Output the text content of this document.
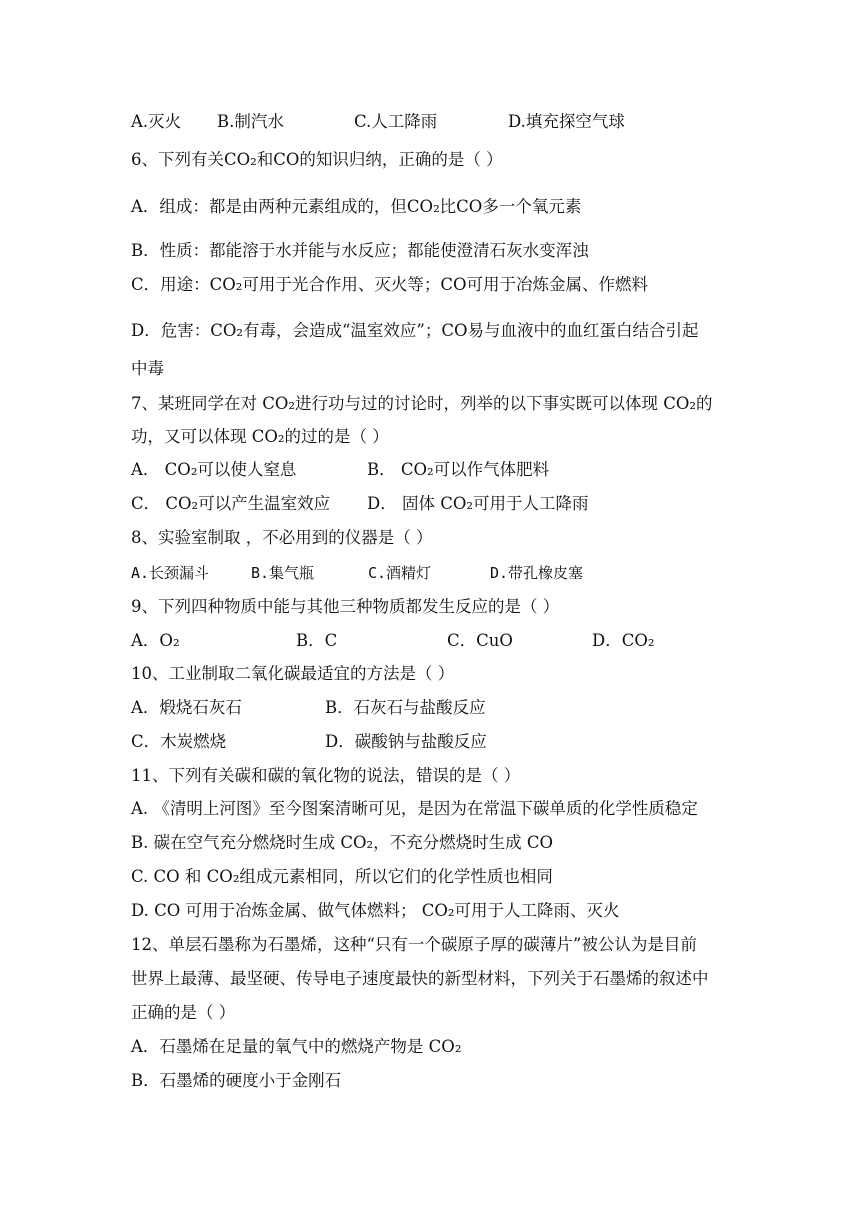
A.灭火 B.制汽水	C.人工降雨	D.填充探空气球
6、下列有关CO₂和CO的知识归纳，正确的是（ ）
A．组成：都是由两种元素组成的，但CO₂比CO多一个氧元素
B．性质：都能溶于水并能与水反应；都能使澄清石灰水变浑浊
C．用途：CO₂可用于光合作用、灭火等；CO可用于冶炼金属、作燃料
D．危害：CO₂有毒，会造成“温室效应”；CO易与血液中的血红蛋白结合引起
中毒
7、某班同学在对 CO₂进行功与过的讨论时，列举的以下事实既可以体现 CO₂的
功，又可以体现 CO₂的过的是（ ）
A． CO₂可以使人窒息	B． CO₂可以作气体肥料
C． CO₂可以产生温室效应 D． 固体 CO₂可用于人工降雨
8、实验室制取 ，不必用到的仪器是（ ）
A.长颈漏斗	B.集气瓶	C.酒精灯	D.带孔橡皮塞
9、下列四种物质中能与其他三种物质都发生反应的是（ ）
A．O₂	B．C	C．CuO	D．CO₂
10、工业制取二氧化碳最适宜的方法是（ ）
A．煅烧石灰石	B．石灰石与盐酸反应
C．木炭燃烧	D．碳酸钠与盐酸反应
11、下列有关碳和碳的氧化物的说法，错误的是（ ）
A. 《清明上河图》至今图案清晰可见，是因为在常温下碳单质的化学性质稳定
B. 碳在空气充分燃烧时生成 CO₂，不充分燃烧时生成 CO
C. CO 和 CO₂组成元素相同，所以它们的化学性质也相同
D. CO 可用于冶炼金属、做气体燃料； CO₂可用于人工降雨、灭火
12、单层石墨称为石墨烯，这种“只有一个碳原子厚的碳薄片”被公认为是目前
世界上最薄、最坚硬、传导电子速度最快的新型材料，下列关于石墨烯的叙述中
正确的是（ ）
A．石墨烯在足量的氧气中的燃烧产物是 CO₂
B．石墨烯的硬度小于金刚石
